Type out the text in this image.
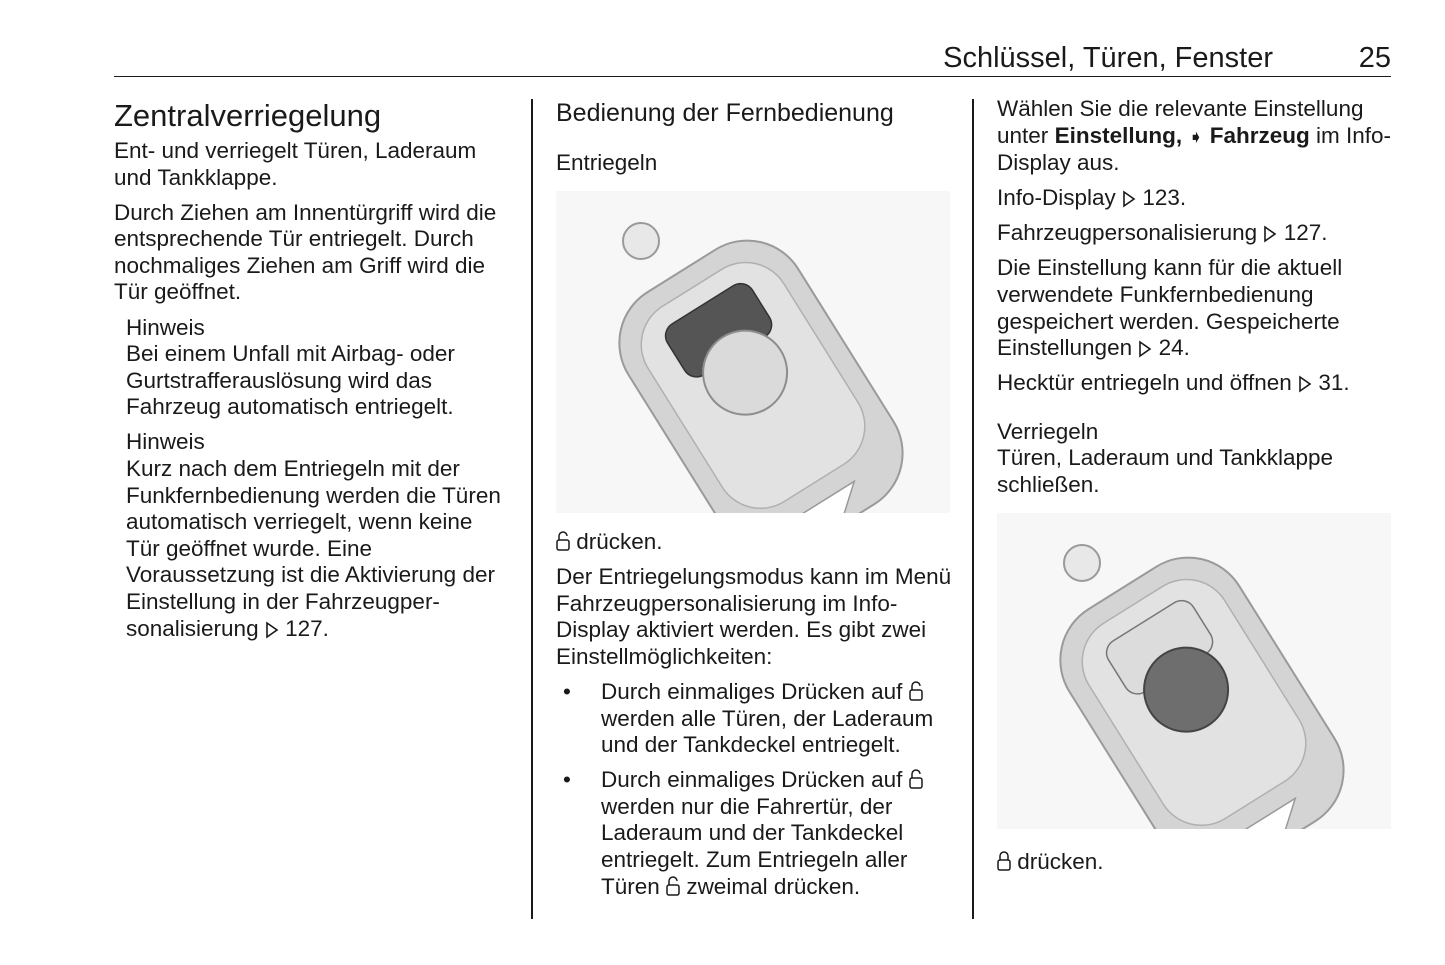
Schlüssel, Türen, Fenster	25
Zentralverriegelung

Ent- und verriegelt Türen, Laderaum und Tankklappe.

Durch Ziehen am Innentürgriff wird die entsprechende Tür entriegelt. Durch nochmaliges Ziehen am Griff wird die Tür geöffnet.

Hinweis

Bei einem Unfall mit Airbag- oder Gurtstrafferauslösung wird das Fahrzeug automatisch entriegelt.

Hinweis

Kurz nach dem Entriegeln mit der Funkfernbedienung werden die Türen automatisch verriegelt, wenn keine Tür geöffnet wurde. Eine Voraussetzung ist die Aktivierung der Einstellung in der Fahrzeugper-sonalisierung 127.

Bedienung der Fernbedienung
Entriegeln

drücken.

Der Entriegelungsmodus kann im Menü Fahrzeugpersonalisierung im Info-Display aktiviert werden. Es gibt zwei Einstellmöglichkeiten:

• Durch einmaliges Drücken auf  werden alle Türen, der Laderaum und der Tankdeckel entriegelt.
• Durch einmaliges Drücken auf  werden nur die Fahrertür, der Laderaum und der Tankdeckel entriegelt. Zum Entriegeln aller Türen zweimal drücken.

Wählen Sie die relevante Einstellung unter Einstellung, ➧ Fahrzeug im Info-Display aus.

Info-Display 123.

Fahrzeugpersonalisierung 127.

Die Einstellung kann für die aktuell verwendete Funkfernbedienung gespeichert werden. Gespeicherte Einstellungen 24.

Hecktür entriegeln und öffnen 31.

Verriegeln

Türen, Laderaum und Tankklappe schließen.

drücken.
